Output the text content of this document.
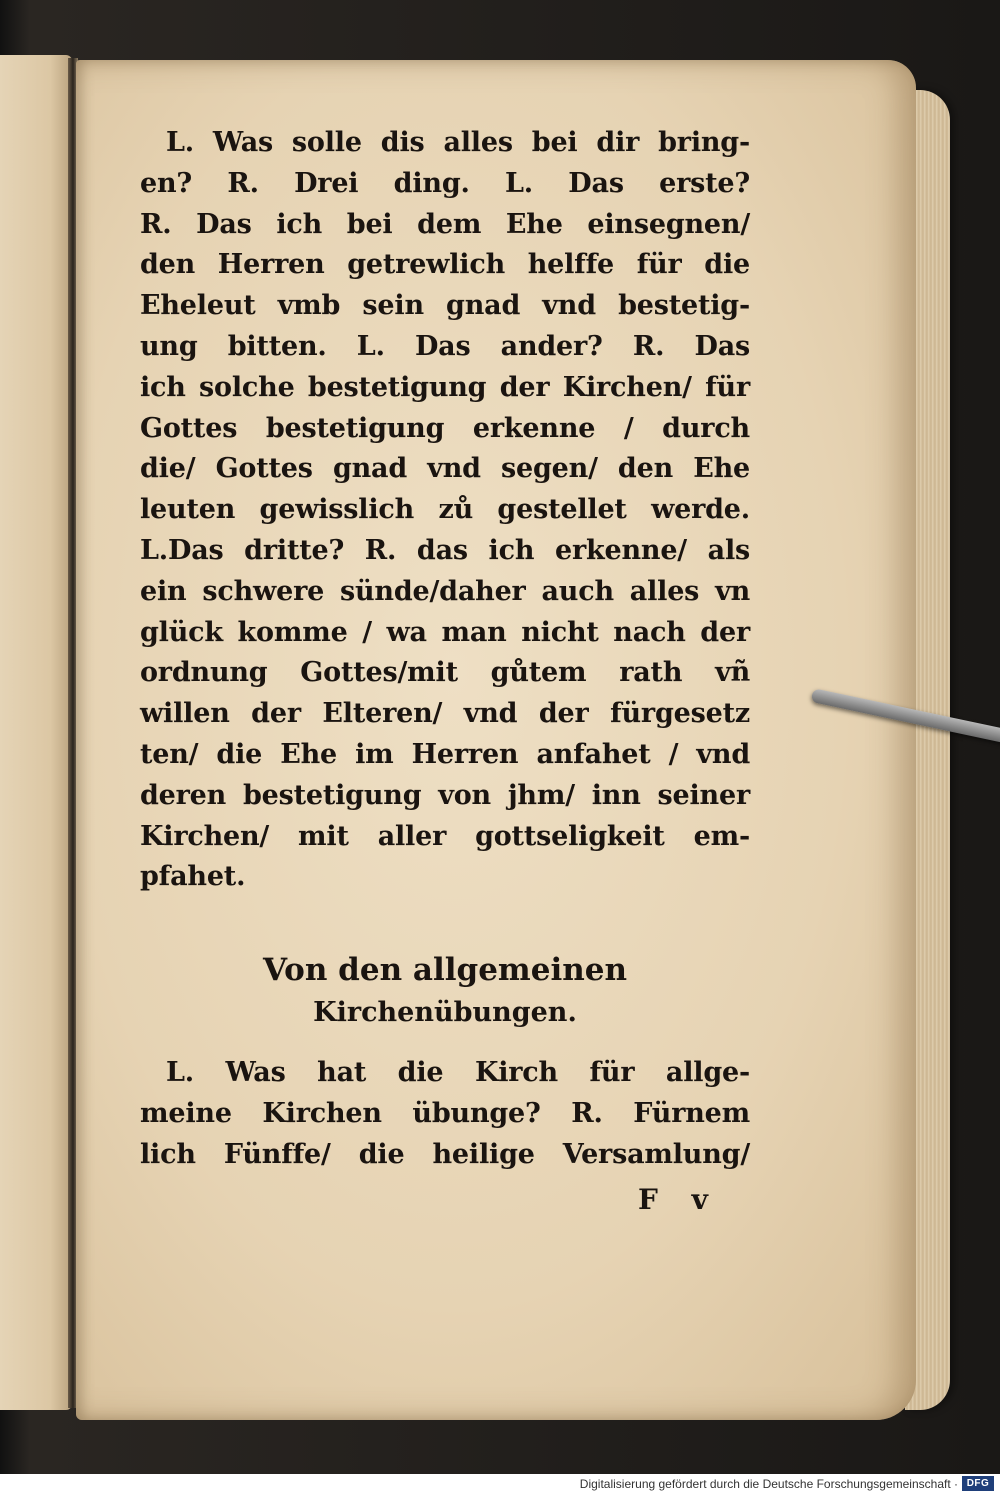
L. Was solle dis alles bei dir bring-
en? R. Drei ding. L. Das erste?
R. Das ich bei dem Ehe einsegnen/
den Herren getrewlich helffe für die
Eheleut vmb sein gnad vnd bestetig-
ung bitten. L. Das ander? R. Das
ich solche bestetigung der Kirchen/ für
Gottes bestetigung erkenne / durch
die/ Gottes gnad vnd segen/ den Ehe
leuten gewisslich zů gestellet werde.
L.Das dritte? R. das ich erkenne/ als
ein schwere sünde/daher auch alles vn
glück komme / wa man nicht nach der
ordnung Gottes/mit gůtem rath vñ
willen der Elteren/ vnd der fürgesetz
ten/ die Ehe im Herren anfahet / vnd
deren bestetigung von jhm/ inn seiner
Kirchen/ mit aller gottseligkeit em-
pfahet.
Von den allgemeinen
Kirchenübungen.
L. Was hat die Kirch für allge-
meine Kirchen übunge? R. Fürnem
lich Fünffe/ die heilige Versamlung/
F v
Digitalisierung gefördert durch die Deutsche Forschungsgemeinschaft · DFG
